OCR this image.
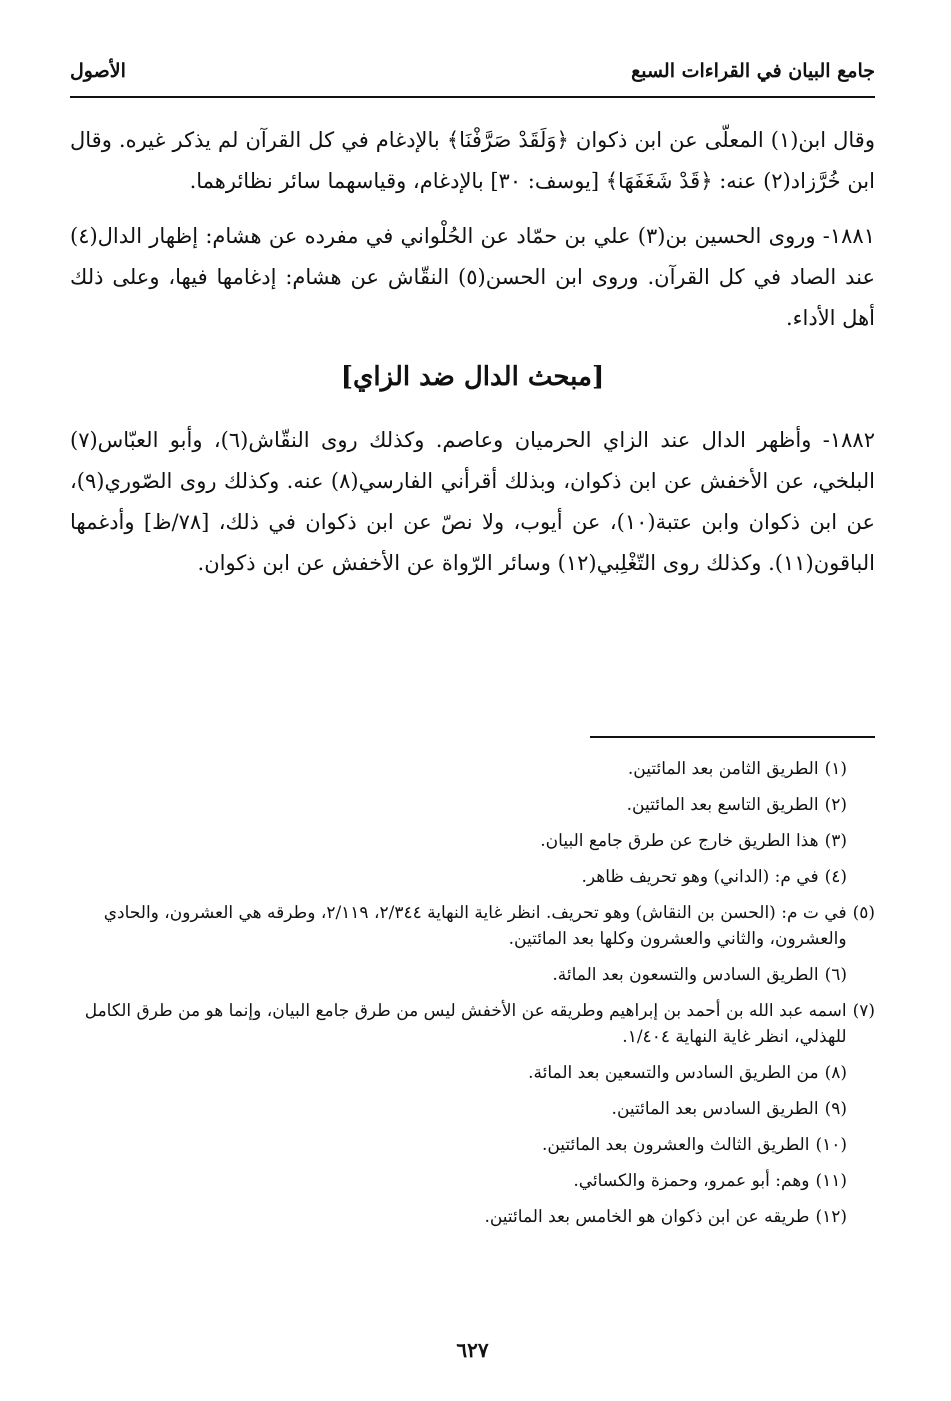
جامع البيان في القراءات السبع
الأصول

وقال ابن(١) المعلّى عن ابن ذكوان ﴿وَلَقَدْ صَرَّفْنَا﴾ بالإدغام في كل القرآن لم يذكر غيره. وقال ابن خُرَّزاد(٢) عنه: ﴿قَدْ شَغَفَهَا﴾ [يوسف: ٣٠] بالإدغام، وقياسهما سائر نظائرهما.

١٨٨١- وروى الحسين بن(٣) علي بن حمّاد عن الحُلْواني في مفرده عن هشام: إظهار الدال(٤) عند الصاد في كل القرآن. وروى ابن الحسن(٥) النقّاش عن هشام: إدغامها فيها، وعلى ذلك أهل الأداء.

[مبحث الدال ضد الزاي]

١٨٨٢- وأظهر الدال عند الزاي الحرميان وعاصم. وكذلك روى النقّاش(٦)، وأبو العبّاس(٧) البلخي، عن الأخفش عن ابن ذكوان، وبذلك أقرأني الفارسي(٨) عنه. وكذلك روى الصّوري(٩)، عن ابن ذكوان وابن عتبة(١٠)، عن أيوب، ولا نصّ عن ابن ذكوان في ذلك، [٧٨/ظ] وأدغمها الباقون(١١). وكذلك روى التّغْلِبي(١٢) وسائر الرّواة عن الأخفش عن ابن ذكوان.

(١)
الطريق الثامن بعد المائتين.
(٢)
الطريق التاسع بعد المائتين.
(٣)
هذا الطريق خارج عن طرق جامع البيان.
(٤)
في م: (الداني) وهو تحريف ظاهر.
(٥)
في ت م: (الحسن بن النقاش) وهو تحريف. انظر غاية النهاية ٢/٣٤٤، ٢/١١٩، وطرقه هي العشرون، والحادي والعشرون، والثاني والعشرون وكلها بعد المائتين.
(٦)
الطريق السادس والتسعون بعد المائة.
(٧)
اسمه عبد الله بن أحمد بن إبراهيم وطريقه عن الأخفش ليس من طرق جامع البيان، وإنما هو من طرق الكامل للهذلي، انظر غاية النهاية ١/٤٠٤.
(٨)
من الطريق السادس والتسعين بعد المائة.
(٩)
الطريق السادس بعد المائتين.
(١٠)
الطريق الثالث والعشرون بعد المائتين.
(١١)
وهم: أبو عمرو، وحمزة والكسائي.
(١٢)
طريقه عن ابن ذكوان هو الخامس بعد المائتين.
٦٢٧
